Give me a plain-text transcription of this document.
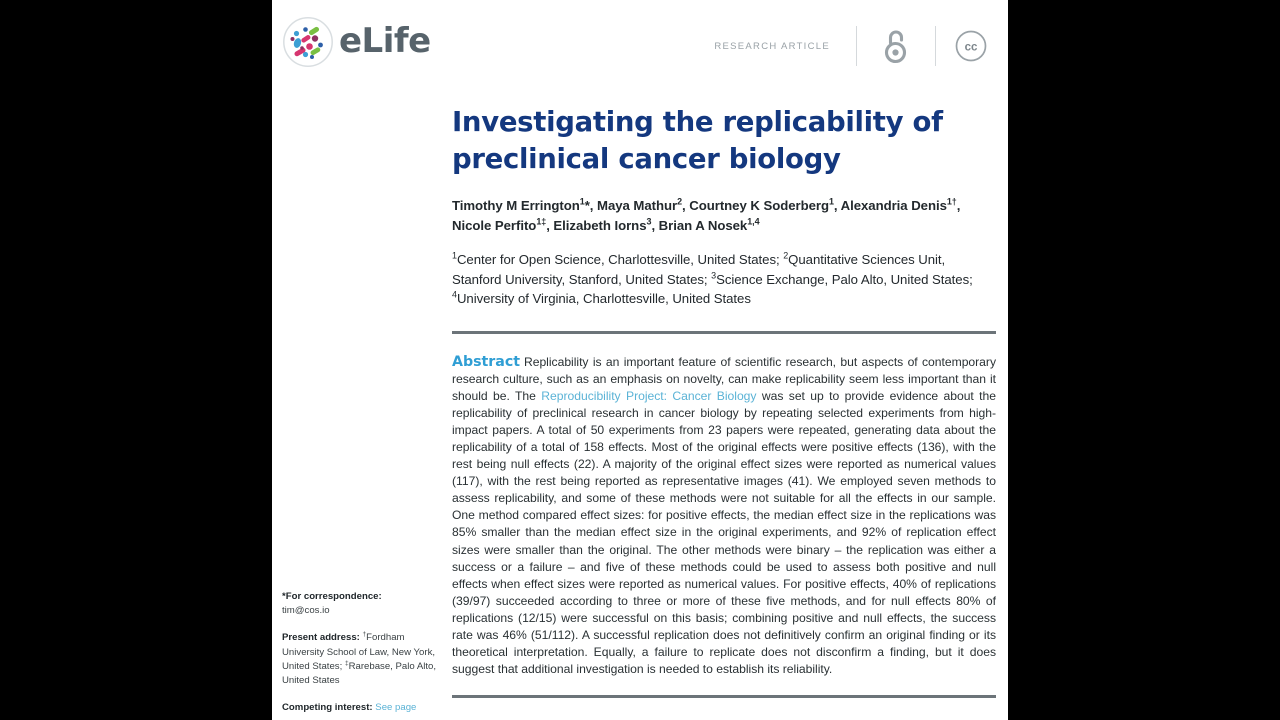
eLife	RESEARCH ARTICLE	cc
*For correspondence:
tim@cos.io
Present address: †Fordham University School of Law, New York, United States; ‡Rarebase, Palo Alto, United States
Competing interest: See page
Investigating the replicability of preclinical cancer biology

Timothy M Errington$^1$*, Maya Mathur$^2$, Courtney K Soderberg$^1$, Alexandria Denis$^{1\dagger}$, Nicole Perfito$^{1\ddagger}$, Elizabeth Iorns$^3$, Brian A Nosek$^{1,4}$

$^1$Center for Open Science, Charlottesville, United States; $^2$Quantitative Sciences Unit, Stanford University, Stanford, United States; $^3$Science Exchange, Palo Alto, United States; $^4$University of Virginia, Charlottesville, United States

Abstract Replicability is an important feature of scientific research, but aspects of contemporary research culture, such as an emphasis on novelty, can make replicability seem less important than it should be. The Reproducibility Project: Cancer Biology was set up to provide evidence about the replicability of preclinical research in cancer biology by repeating selected experiments from high-impact papers. A total of 50 experiments from 23 papers were repeated, generating data about the replicability of a total of 158 effects. Most of the original effects were positive effects (136), with the rest being null effects (22). A majority of the original effect sizes were reported as numerical values (117), with the rest being reported as representative images (41). We employed seven methods to assess replicability, and some of these methods were not suitable for all the effects in our sample. One method compared effect sizes: for positive effects, the median effect size in the replications was 85% smaller than the median effect size in the original experiments, and 92% of replication effect sizes were smaller than the original. The other methods were binary – the replication was either a success or a failure – and five of these methods could be used to assess both positive and null effects when effect sizes were reported as numerical values. For positive effects, 40% of replications (39/97) succeeded according to three or more of these five methods, and for null effects 80% of replications (12/15) were successful on this basis; combining positive and null effects, the success rate was 46% (51/112). A successful replication does not definitively confirm an original finding or its theoretical interpretation. Equally, a failure to replicate does not disconfirm a finding, but it does suggest that additional investigation is needed to establish its reliability.
